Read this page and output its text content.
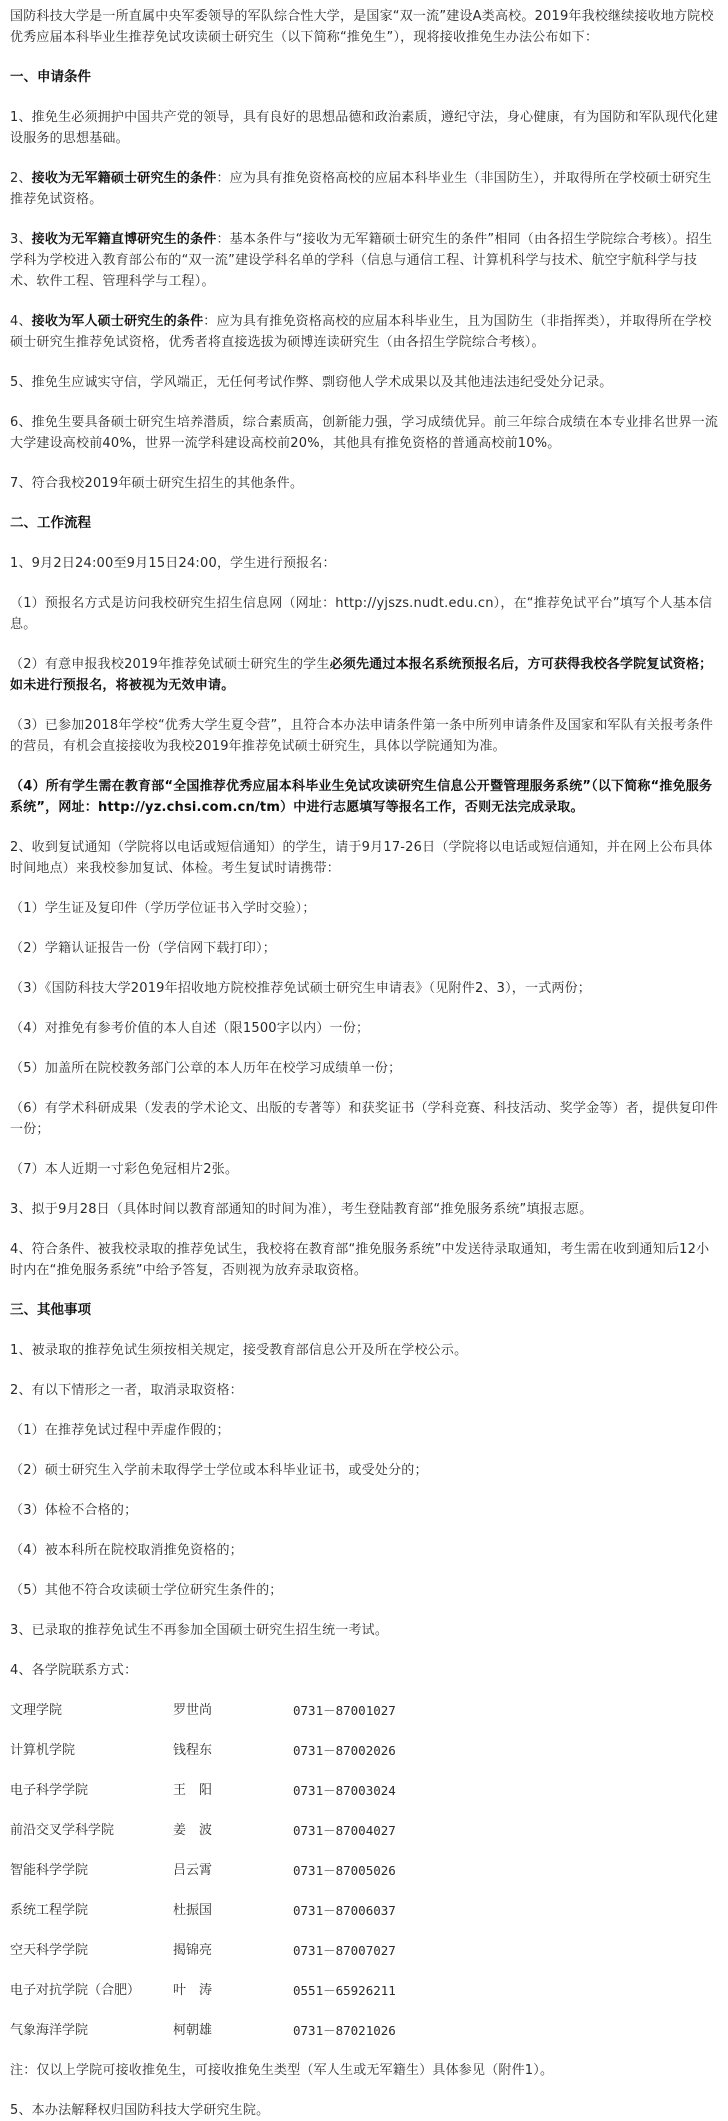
国防科技大学是一所直属中央军委领导的军队综合性大学，是国家“双一流”建设A类高校。2019年我校继续接收地方院校优秀应届本科毕业生推荐免试攻读硕士研究生（以下简称“推免生”），现将接收推免生办法公布如下：

一、申请条件

1、推免生必须拥护中国共产党的领导，具有良好的思想品德和政治素质，遵纪守法，身心健康，有为国防和军队现代化建设服务的思想基础。

2、接收为无军籍硕士研究生的条件：应为具有推免资格高校的应届本科毕业生（非国防生），并取得所在学校硕士研究生推荐免试资格。

3、接收为无军籍直博研究生的条件：基本条件与“接收为无军籍硕士研究生的条件”相同（由各招生学院综合考核）。招生学科为学校进入教育部公布的“双一流”建设学科名单的学科（信息与通信工程、计算机科学与技术、航空宇航科学与技术、软件工程、管理科学与工程）。

4、接收为军人硕士研究生的条件：应为具有推免资格高校的应届本科毕业生，且为国防生（非指挥类），并取得所在学校硕士研究生推荐免试资格，优秀者将直接选拔为硕博连读研究生（由各招生学院综合考核）。

5、推免生应诚实守信，学风端正，无任何考试作弊、剽窃他人学术成果以及其他违法违纪受处分记录。

6、推免生要具备硕士研究生培养潜质，综合素质高，创新能力强，学习成绩优异。前三年综合成绩在本专业排名世界一流大学建设高校前40%，世界一流学科建设高校前20%，其他具有推免资格的普通高校前10%。

7、符合我校2019年硕士研究生招生的其他条件。

二、工作流程

1、9月2日24:00至9月15日24:00，学生进行预报名：

（1）预报名方式是访问我校研究生招生信息网（网址：http://yjszs.nudt.edu.cn），在“推荐免试平台”填写个人基本信息。

（2）有意申报我校2019年推荐免试硕士研究生的学生必须先通过本报名系统预报名后，方可获得我校各学院复试资格；如未进行预报名，将被视为无效申请。

（3）已参加2018年学校“优秀大学生夏令营”，且符合本办法申请条件第一条中所列申请条件及国家和军队有关报考条件的营员，有机会直接接收为我校2019年推荐免试硕士研究生，具体以学院通知为准。

（4）所有学生需在教育部“全国推荐优秀应届本科毕业生免试攻读研究生信息公开暨管理服务系统”（以下简称“推免服务系统”，网址：http://yz.chsi.com.cn/tm）中进行志愿填写等报名工作，否则无法完成录取。

2、收到复试通知（学院将以电话或短信通知）的学生，请于9月17-26日（学院将以电话或短信通知，并在网上公布具体时间地点）来我校参加复试、体检。考生复试时请携带：

（1）学生证及复印件（学历学位证书入学时交验）；

（2）学籍认证报告一份（学信网下载打印）；

（3）《国防科技大学2019年招收地方院校推荐免试硕士研究生申请表》（见附件2、3），一式两份；

（4）对推免有参考价值的本人自述（限1500字以内）一份；

（5）加盖所在院校教务部门公章的本人历年在校学习成绩单一份；

（6）有学术科研成果（发表的学术论文、出版的专著等）和获奖证书（学科竞赛、科技活动、奖学金等）者，提供复印件一份；

（7）本人近期一寸彩色免冠相片2张。

3、拟于9月28日（具体时间以教育部通知的时间为准），考生登陆教育部“推免服务系统”填报志愿。

4、符合条件、被我校录取的推荐免试生，我校将在教育部“推免服务系统”中发送待录取通知，考生需在收到通知后12小时内在“推免服务系统”中给予答复，否则视为放弃录取资格。

三、其他事项

1、被录取的推荐免试生须按相关规定，接受教育部信息公开及所在学校公示。

2、有以下情形之一者，取消录取资格：

（1）在推荐免试过程中弄虚作假的；

（2）硕士研究生入学前未取得学士学位或本科毕业证书，或受处分的；

（3）体检不合格的；

（4）被本科所在院校取消推免资格的；

（5）其他不符合攻读硕士学位研究生条件的；

3、已录取的推荐免试生不再参加全国硕士研究生招生统一考试。

4、各学院联系方式：

文理学院	罗世尚	0731－87001027
计算机学院	钱程东	0731－87002026
电子科学学院	王　阳	0731－87003024
前沿交叉学科学院	姜　波	0731－87004027
智能科学学院	吕云霄	0731－87005026
系统工程学院	杜振国	0731－87006037
空天科学学院	揭锦亮	0731－87007027
电子对抗学院（合肥）	叶　涛	0551－65926211
气象海洋学院	柯朝雄	0731－87021026

注：仅以上学院可接收推免生，可接收推免生类型（军人生或无军籍生）具体参见（附件1）。

5、本办法解释权归国防科技大学研究生院。
